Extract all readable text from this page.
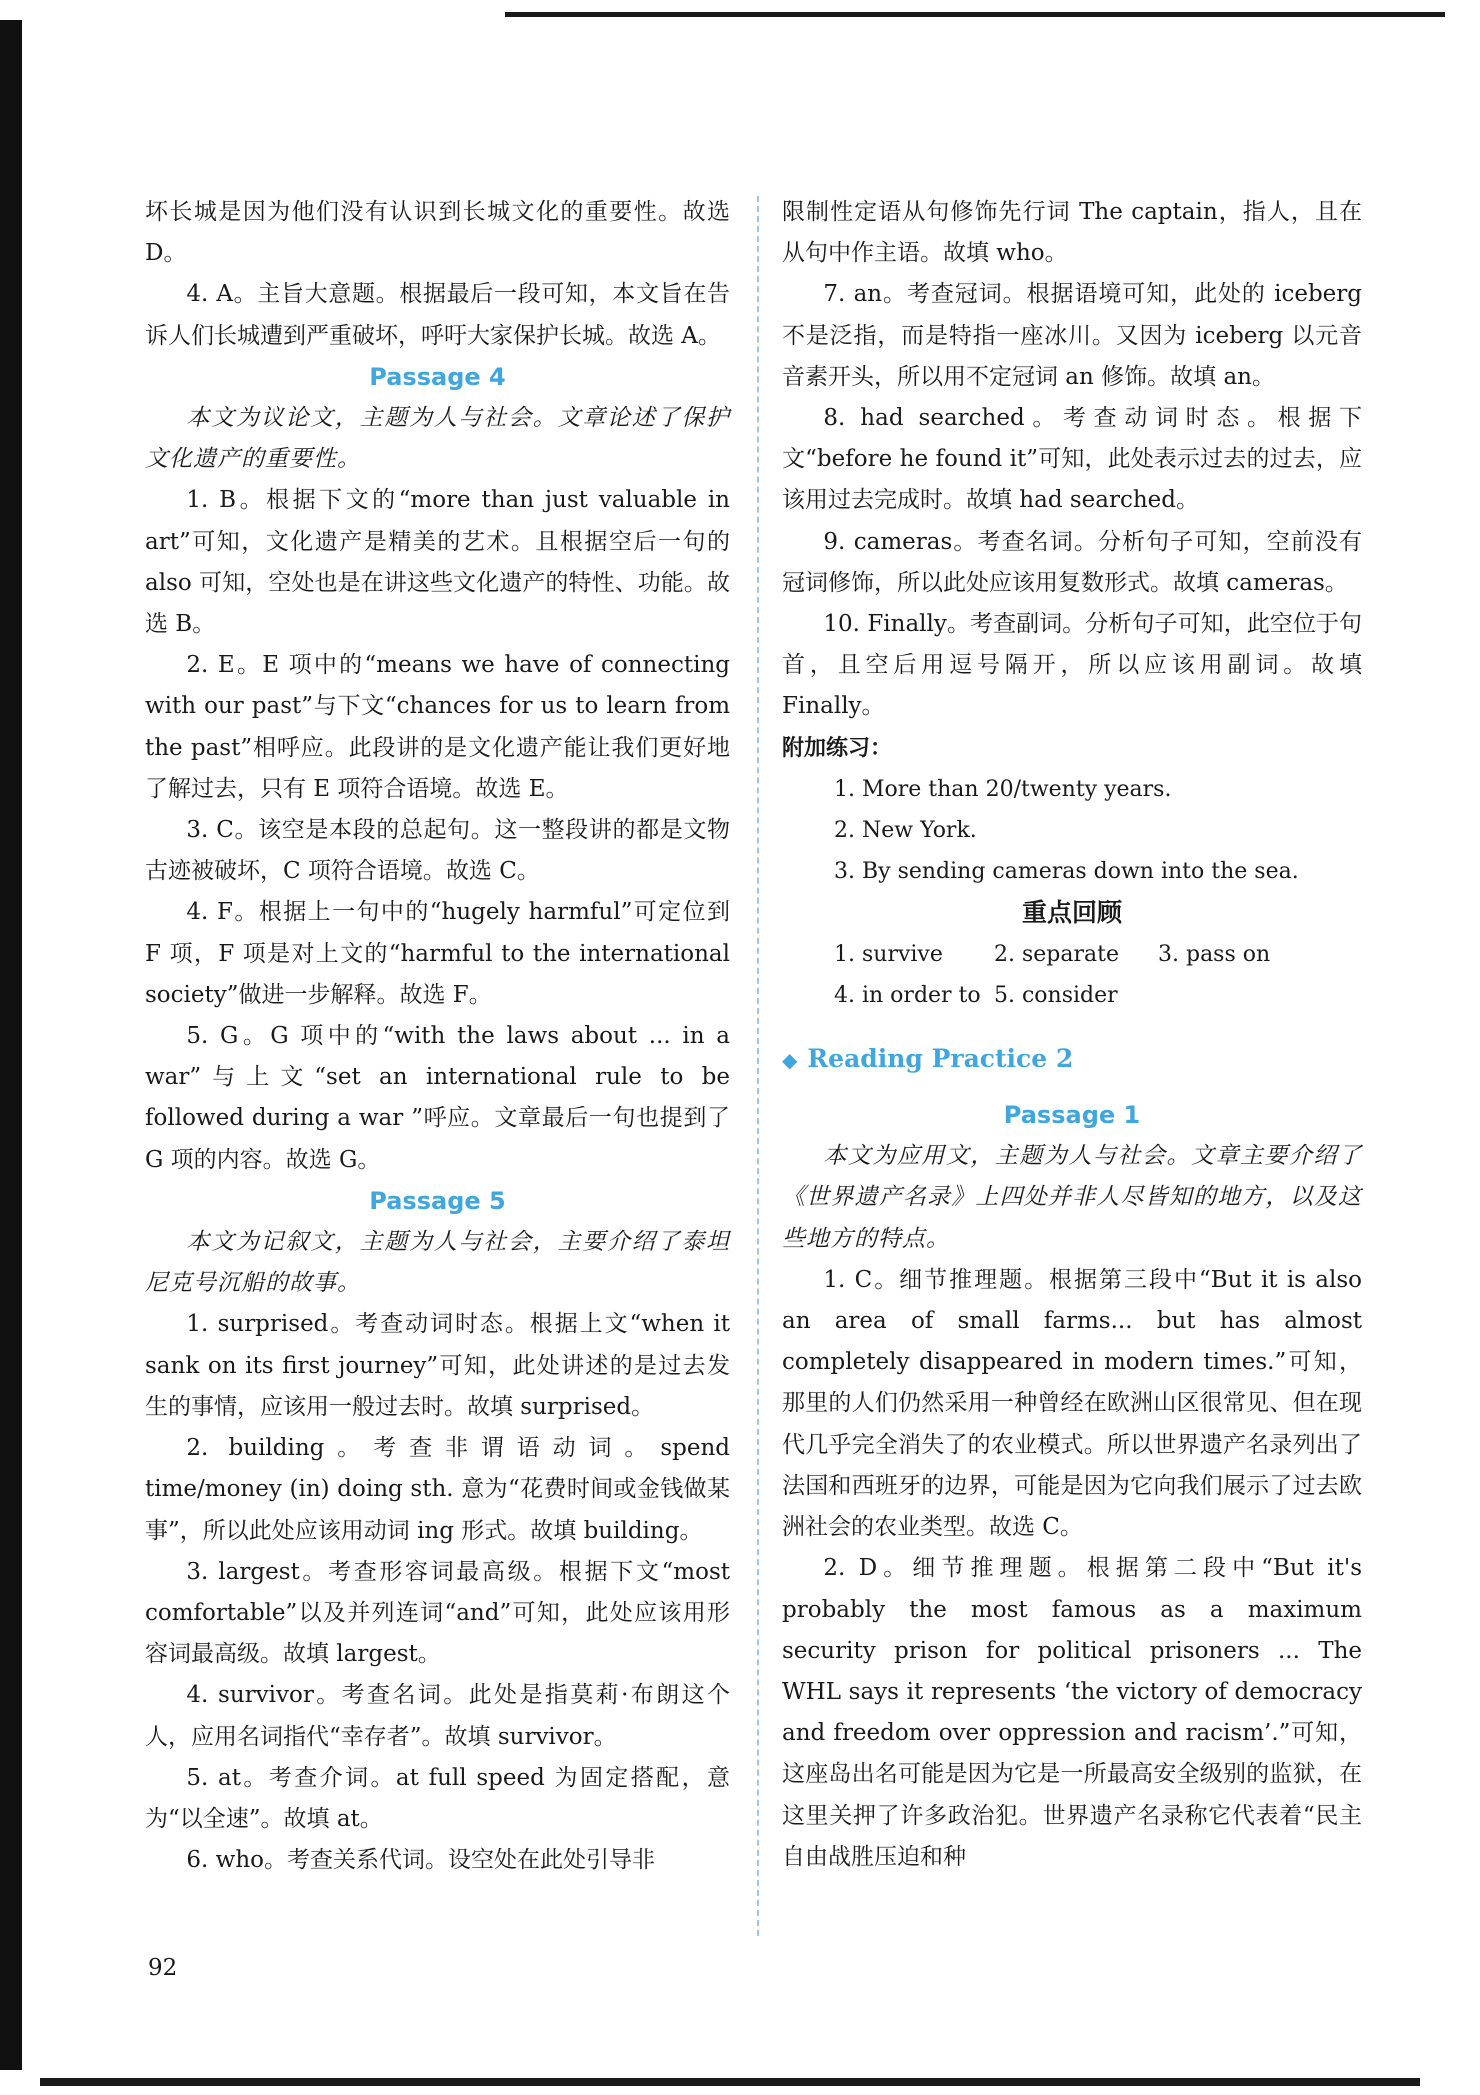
坏长城是因为他们没有认识到长城文化的重要性。故选 D。

4. A。主旨大意题。根据最后一段可知，本文旨在告诉人们长城遭到严重破坏，呼吁大家保护长城。故选 A。

Passage 4

本文为议论文，主题为人与社会。文章论述了保护文化遗产的重要性。

1. B。根据下文的“more than just valuable in art”可知，文化遗产是精美的艺术。且根据空后一句的 also 可知，空处也是在讲这些文化遗产的特性、功能。故选 B。

2. E。E 项中的“means we have of connecting with our past”与下文“chances for us to learn from the past”相呼应。此段讲的是文化遗产能让我们更好地了解过去，只有 E 项符合语境。故选 E。

3. C。该空是本段的总起句。这一整段讲的都是文物古迹被破坏，C 项符合语境。故选 C。

4. F。根据上一句中的“hugely harmful”可定位到 F 项，F 项是对上文的“harmful to the international society”做进一步解释。故选 F。

5. G。G 项中的“with the laws about ... in a war”与上文“set an international rule to be followed during a war ”呼应。文章最后一句也提到了 G 项的内容。故选 G。

Passage 5

本文为记叙文，主题为人与社会，主要介绍了泰坦尼克号沉船的故事。

1. surprised。考查动词时态。根据上文“when it sank on its first journey”可知，此处讲述的是过去发生的事情，应该用一般过去时。故填 surprised。

2. building。考查非谓语动词。spend time/money (in) doing sth. 意为“花费时间或金钱做某事”，所以此处应该用动词 ing 形式。故填 building。

3. largest。考查形容词最高级。根据下文“most comfortable”以及并列连词“and”可知，此处应该用形容词最高级。故填 largest。

4. survivor。考查名词。此处是指莫莉·布朗这个人，应用名词指代“幸存者”。故填 survivor。

5. at。考查介词。at full speed 为固定搭配，意为“以全速”。故填 at。

6. who。考查关系代词。设空处在此处引导非

限制性定语从句修饰先行词 The captain，指人，且在从句中作主语。故填 who。

7. an。考查冠词。根据语境可知，此处的 iceberg 不是泛指，而是特指一座冰川。又因为 iceberg 以元音音素开头，所以用不定冠词 an 修饰。故填 an。

8. had searched。考查动词时态。根据下文“before he found it”可知，此处表示过去的过去，应该用过去完成时。故填 had searched。

9. cameras。考查名词。分析句子可知，空前没有冠词修饰，所以此处应该用复数形式。故填 cameras。

10. Finally。考查副词。分析句子可知，此空位于句首，且空后用逗号隔开，所以应该用副词。故填 Finally。

附加练习：

1. More than 20/twenty years.

2. New York.

3. By sending cameras down into the sea.

重点回顾
1. survive	2. separate	3. pass on
4. in order to 5. consider
◆ Reading Practice 2
Passage 1

本文为应用文，主题为人与社会。文章主要介绍了《世界遗产名录》上四处并非人尽皆知的地方，以及这些地方的特点。

1. C。细节推理题。根据第三段中“But it is also an area of small farms... but has almost completely disappeared in modern times.”可知，那里的人们仍然采用一种曾经在欧洲山区很常见、但在现代几乎完全消失了的农业模式。所以世界遗产名录列出了法国和西班牙的边界，可能是因为它向我们展示了过去欧洲社会的农业类型。故选 C。

2. D。细节推理题。根据第二段中“But it's probably the most famous as a maximum security prison for political prisoners ... The WHL says it represents ‘the victory of democracy and freedom over oppression and racism’.”可知，这座岛出名可能是因为它是一所最高安全级别的监狱，在这里关押了许多政治犯。世界遗产名录称它代表着“民主自由战胜压迫和种

92
